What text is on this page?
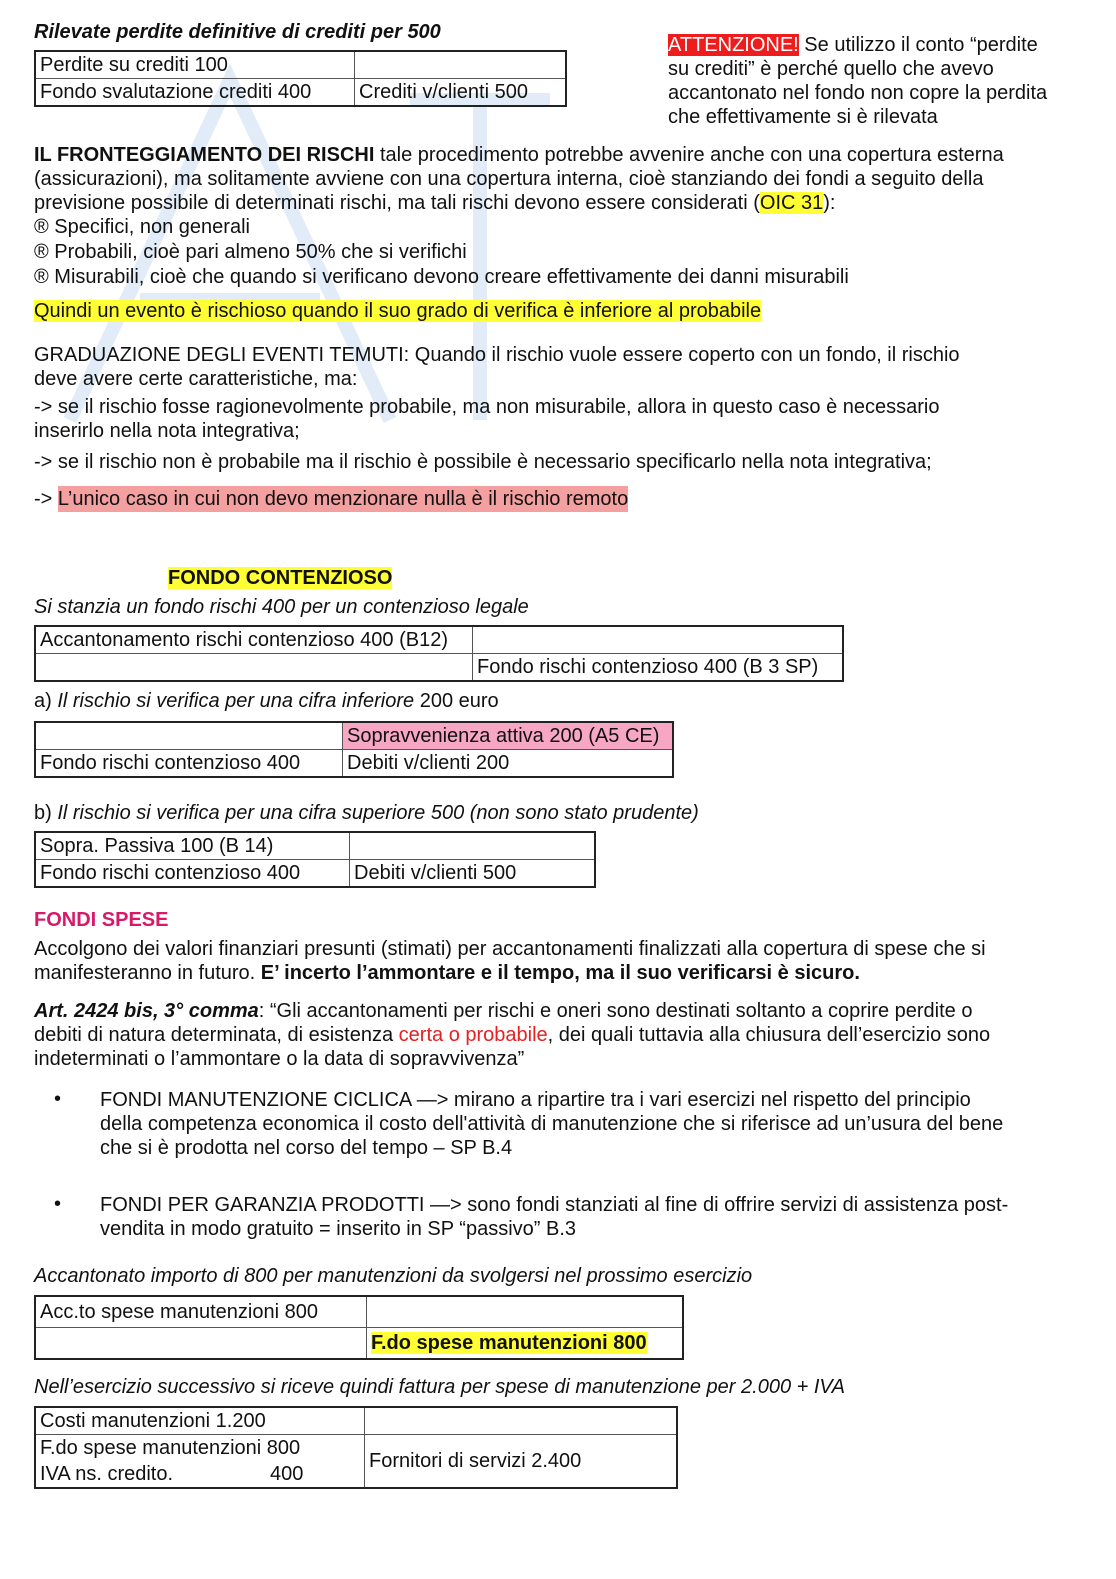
Rilevate perdite definitive di crediti per 500
Perdite su crediti 100	
Fondo svalutazione crediti 400	Crediti v/clienti 500
ATTENZIONE! Se utilizzo il conto “perdite
su crediti” è perché quello che avevo
accantonato nel fondo non copre la perdita
che effettivamente si è rilevata
IL FRONTEGGIAMENTO DEI RISCHI tale procedimento potrebbe avvenire anche con una copertura esterna
(assicurazioni), ma solitamente avviene con una copertura interna, cioè stanziando dei fondi a seguito della
previsione possibile di determinati rischi, ma tali rischi devono essere considerati (OIC 31):
® Specifici, non generali
® Probabili, cioè pari almeno 50% che si verifichi
® Misurabili, cioè che quando si verificano devono creare effettivamente dei danni misurabili
Quindi un evento è rischioso quando il suo grado di verifica è inferiore al probabile
GRADUAZIONE DEGLI EVENTI TEMUTI: Quando il rischio vuole essere coperto con un fondo, il rischio
deve avere certe caratteristiche, ma:
-> se il rischio fosse ragionevolmente probabile, ma non misurabile, allora in questo caso è necessario
inserirlo nella nota integrativa;
-> se il rischio non è probabile ma il rischio è possibile è necessario specificarlo nella nota integrativa;
-> L’unico caso in cui non devo menzionare nulla è il rischio remoto
FONDO CONTENZIOSO
Si stanzia un fondo rischi 400 per un contenzioso legale
Accantonamento rischi contenzioso 400 (B12)	
	Fondo rischi contenzioso 400 (B 3 SP)
a) Il rischio si verifica per una cifra inferiore 200 euro
	Sopravvenienza attiva 200 (A5 CE)
Fondo rischi contenzioso 400	Debiti v/clienti 200
b) Il rischio si verifica per una cifra superiore 500 (non sono stato prudente)
Sopra. Passiva 100 (B 14)	
Fondo rischi contenzioso 400	Debiti v/clienti 500
FONDI SPESE
Accolgono dei valori finanziari presunti (stimati) per accantonamenti finalizzati alla copertura di spese che si
manifesteranno in futuro. E’ incerto l’ammontare e il tempo, ma il suo verificarsi è sicuro.
Art. 2424 bis, 3° comma: “Gli accantonamenti per rischi e oneri sono destinati soltanto a coprire perdite o
debiti di natura determinata, di esistenza certa o probabile, dei quali tuttavia alla chiusura dell’esercizio sono
indeterminati o l’ammontare o la data di sopravvivenza”
• FONDI MANUTENZIONE CICLICA —> mirano a ripartire tra i vari esercizi nel rispetto del principio
della competenza economica il costo dell'attività di manutenzione che si riferisce ad un’usura del bene
che si è prodotta nel corso del tempo – SP B.4
• FONDI PER GARANZIA PRODOTTI —> sono fondi stanziati al fine di offrire servizi di assistenza post-
vendita in modo gratuito = inserito in SP “passivo” B.3
Accantonato importo di 800 per manutenzioni da svolgersi nel prossimo esercizio
Acc.to spese manutenzioni 800	
	F.do spese manutenzioni 800
Nell’esercizio successivo si riceve quindi fattura per spese di manutenzione per 2.000 + IVA
Costi manutenzioni 1.200	

F.do spese manutenzioni 800
IVA ns. credito. 400	Fornitori di servizi 2.400
